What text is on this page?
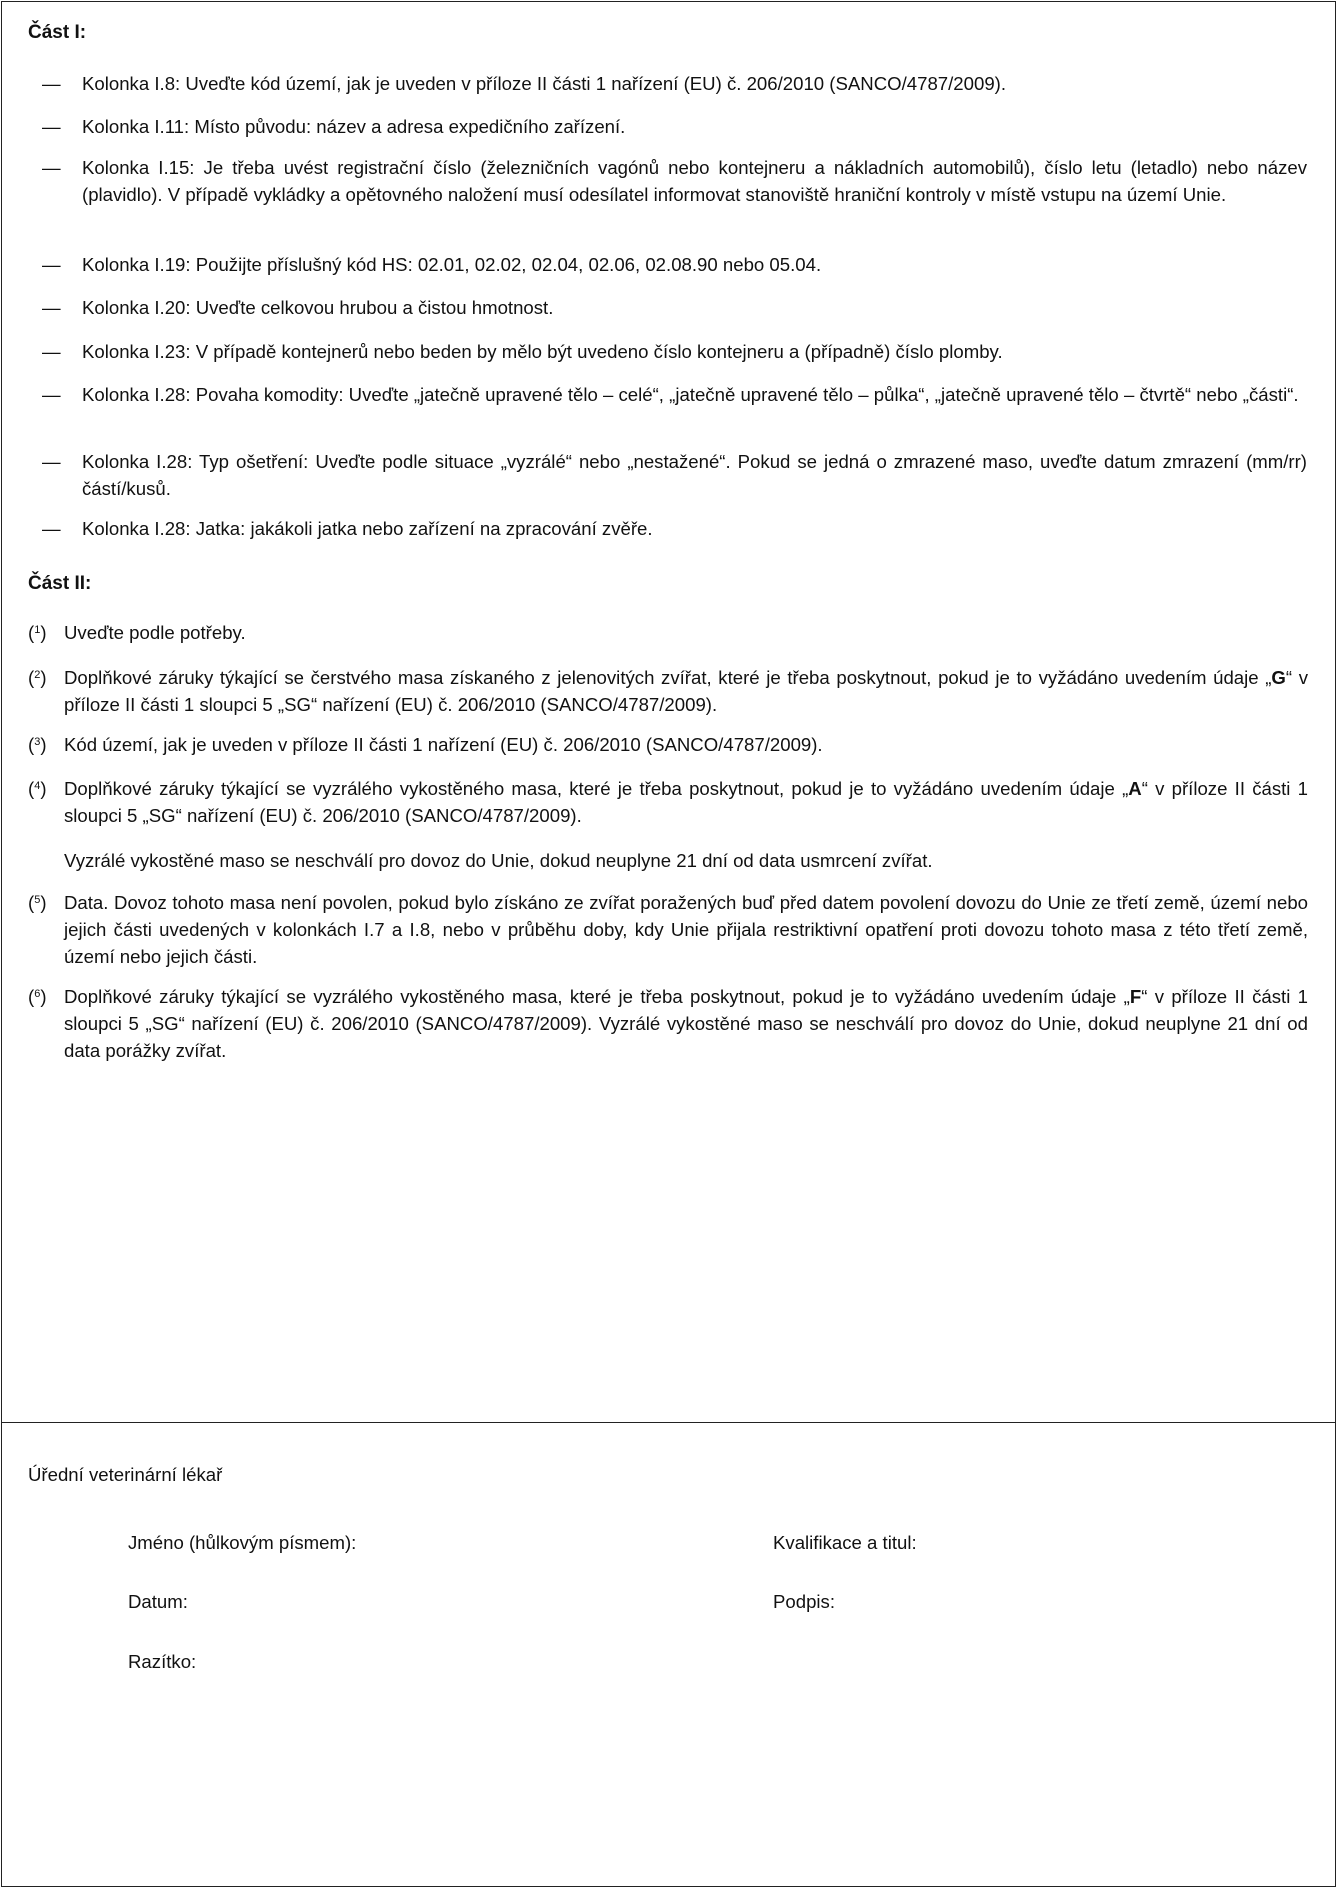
Část I:
—	Kolonka I.8: Uveďte kód území, jak je uveden v příloze II části 1 nařízení (EU) č. 206/2010 (SANCO/4787/2009).
—	Kolonka I.11: Místo původu: název a adresa expedičního zařízení.
—	Kolonka I.15: Je třeba uvést registrační číslo (železničních vagónů nebo kontejneru a nákladních automobilů), číslo letu (letadlo) nebo název (plavidlo). V případě vykládky a opětovného naložení musí odesílatel informovat stanoviště hraniční kontroly v místě vstupu na území Unie.
—	Kolonka I.19: Použijte příslušný kód HS: 02.01, 02.02, 02.04, 02.06, 02.08.90 nebo 05.04.
—	Kolonka I.20: Uveďte celkovou hrubou a čistou hmotnost.
—	Kolonka I.23: V případě kontejnerů nebo beden by mělo být uvedeno číslo kontejneru a (případně) číslo plomby.
—	Kolonka I.28: Povaha komodity: Uveďte „jatečně upravené tělo – celé“, „jatečně upravené tělo – půlka“, „jatečně upravené tělo – čtvrtě“ nebo „části“.
—	Kolonka I.28: Typ ošetření: Uveďte podle situace „vyzrálé“ nebo „nestažené“. Pokud se jedná o zmrazené maso, uveďte datum zmrazení (mm/rr) částí/kusů.
—	Kolonka I.28: Jatka: jakákoli jatka nebo zařízení na zpracování zvěře.
Část II:
($^1$) Uveďte podle potřeby.
($^2$) Doplňkové záruky týkající se čerstvého masa získaného z jelenovitých zvířat, které je třeba poskytnout, pokud je to vyžádáno uvedením údaje „G“ v příloze II části 1 sloupci 5 „SG“ nařízení (EU) č. 206/2010 (SANCO/4787/2009).
($^3$) Kód území, jak je uveden v příloze II části 1 nařízení (EU) č. 206/2010 (SANCO/4787/2009).
($^4$) Doplňkové záruky týkající se vyzrálého vykostěného masa, které je třeba poskytnout, pokud je to vyžádáno uvedením údaje „A“ v příloze II části 1 sloupci 5 „SG“ nařízení (EU) č. 206/2010 (SANCO/4787/2009).
Vyzrálé vykostěné maso se neschválí pro dovoz do Unie, dokud neuplyne 21 dní od data usmrcení zvířat.
($^5$) Data. Dovoz tohoto masa není povolen, pokud bylo získáno ze zvířat poražených buď před datem povolení dovozu do Unie ze třetí země, území nebo jejich části uvedených v kolonkách I.7 a I.8, nebo v průběhu doby, kdy Unie přijala restriktivní opatření proti dovozu tohoto masa z této třetí země, území nebo jejich části.
($^6$) Doplňkové záruky týkající se vyzrálého vykostěného masa, které je třeba poskytnout, pokud je to vyžádáno uvedením údaje „F“ v příloze II části 1 sloupci 5 „SG“ nařízení (EU) č. 206/2010 (SANCO/4787/2009). Vyzrálé vykostěné maso se neschválí pro dovoz do Unie, dokud neuplyne 21 dní od data porážky zvířat.
Úřední veterinární lékař
Jméno (hůlkovým písmem):	Kvalifikace a titul:
Datum:	Podpis:
Razítko:
